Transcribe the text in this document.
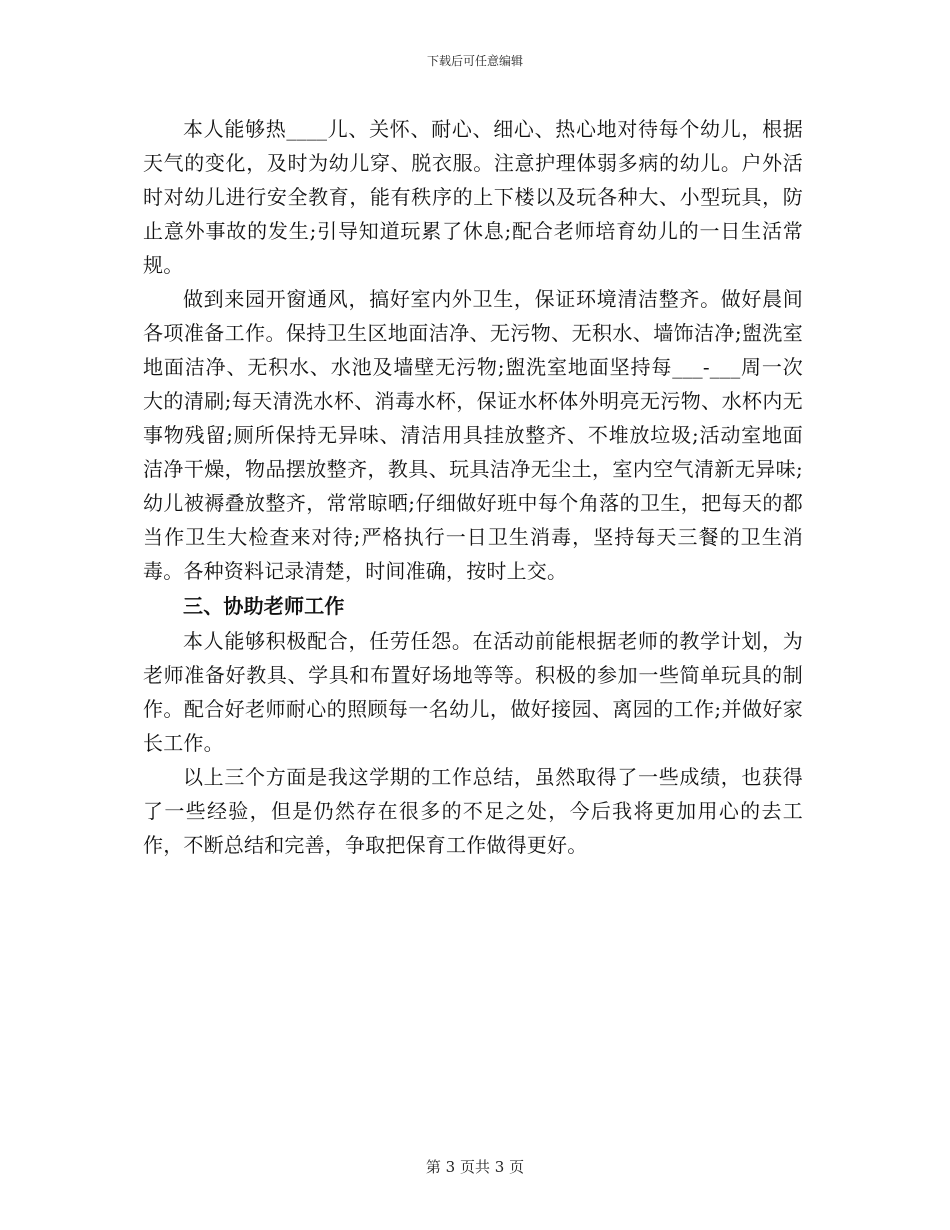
下载后可任意编辑

本人能够热____儿、关怀、耐心、细心、热心地对待每个幼儿，根据天气的变化，及时为幼儿穿、脱衣服。注意护理体弱多病的幼儿。户外活时对幼儿进行安全教育，能有秩序的上下楼以及玩各种大、小型玩具，防止意外事故的发生;引导知道玩累了休息;配合老师培育幼儿的一日生活常规。

做到来园开窗通风，搞好室内外卫生，保证环境清洁整齐。做好晨间各项准备工作。保持卫生区地面洁净、无污物、无积水、墙饰洁净;盥洗室地面洁净、无积水、水池及墙壁无污物;盥洗室地面坚持每___-___周一次大的清刷;每天清洗水杯、消毒水杯，保证水杯体外明亮无污物、水杯内无事物残留;厕所保持无异味、清洁用具挂放整齐、不堆放垃圾;活动室地面洁净干燥，物品摆放整齐，教具、玩具洁净无尘土，室内空气清新无异味;幼儿被褥叠放整齐，常常晾晒;仔细做好班中每个角落的卫生，把每天的都当作卫生大检查来对待;严格执行一日卫生消毒，坚持每天三餐的卫生消毒。各种资料记录清楚，时间准确，按时上交。

三、协助老师工作

本人能够积极配合，任劳任怨。在活动前能根据老师的教学计划，为老师准备好教具、学具和布置好场地等等。积极的参加一些简单玩具的制作。配合好老师耐心的照顾每一名幼儿，做好接园、离园的工作;并做好家长工作。

以上三个方面是我这学期的工作总结，虽然取得了一些成绩，也获得了一些经验，但是仍然存在很多的不足之处，今后我将更加用心的去工作，不断总结和完善，争取把保育工作做得更好。

第 3 页共 3 页
